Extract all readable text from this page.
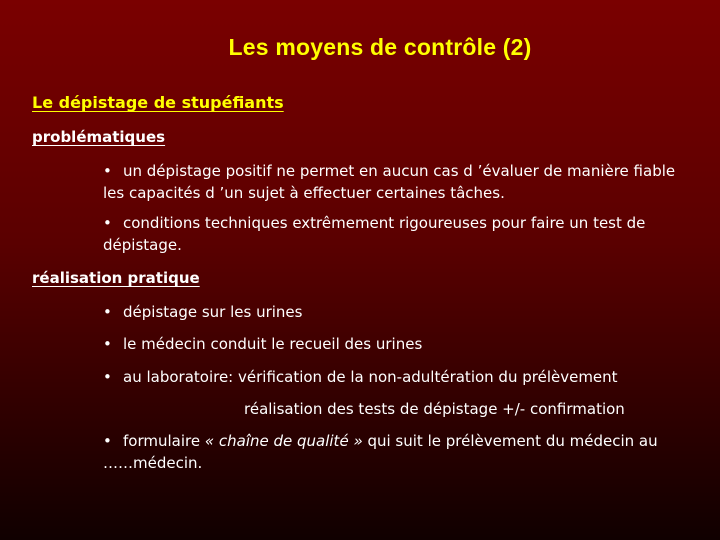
Les moyens de contrôle (2)
Le dépistage de stupéfiants
problématiques
• un dépistage positif ne permet en aucun cas d ’évaluer de manière fiable les capacités d ’un sujet à effectuer certaines tâches.
• conditions techniques extrêmement rigoureuses pour faire un test de dépistage.
réalisation pratique
• dépistage sur les urines
• le médecin conduit le recueil des urines
• au laboratoire: vérification de la non-adultération du prélèvement
réalisation des tests de dépistage +/- confirmation
• formulaire « chaîne de qualité » qui suit le prélèvement du médecin au ……médecin.
